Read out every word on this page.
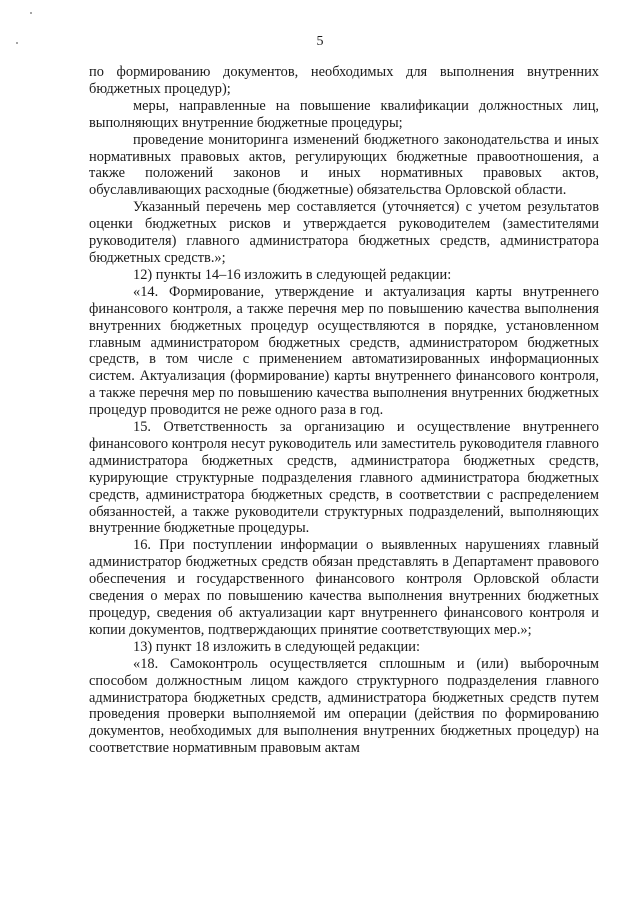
5

по формированию документов, необходимых для выполнения внутренних бюджетных процедур);

меры, направленные на повышение квалификации должностных лиц, выполняющих внутренние бюджетные процедуры;

проведение мониторинга изменений бюджетного законодательства и иных нормативных правовых актов, регулирующих бюджетные правоотношения, а также положений законов и иных нормативных правовых актов, обуславливающих расходные (бюджетные) обязательства Орловской области.

Указанный перечень мер составляется (уточняется) с учетом результатов оценки бюджетных рисков и утверждается руководителем (заместителями руководителя) главного администратора бюджетных средств, администратора бюджетных средств.»;

12) пункты 14–16 изложить в следующей редакции:

«14. Формирование, утверждение и актуализация карты внутреннего финансового контроля, а также перечня мер по повышению качества выполнения внутренних бюджетных процедур осуществляются в порядке, установленном главным администратором бюджетных средств, администратором бюджетных средств, в том числе с применением автоматизированных информационных систем. Актуализация (формирование) карты внутреннего финансового контроля, а также перечня мер по повышению качества выполнения внутренних бюджетных процедур проводится не реже одного раза в год.

15. Ответственность за организацию и осуществление внутреннего финансового контроля несут руководитель или заместитель руководителя главного администратора бюджетных средств, администратора бюджетных средств, курирующие структурные подразделения главного администратора бюджетных средств, администратора бюджетных средств, в соответствии с распределением обязанностей, а также руководители структурных подразделений, выполняющих внутренние бюджетные процедуры.

16. При поступлении информации о выявленных нарушениях главный администратор бюджетных средств обязан представлять в Департамент правового обеспечения и государственного финансового контроля Орловской области сведения о мерах по повышению качества выполнения внутренних бюджетных процедур, сведения об актуализации карт внутреннего финансового контроля и копии документов, подтверждающих принятие соответствующих мер.»;

13) пункт 18 изложить в следующей редакции:

«18. Самоконтроль осуществляется сплошным и (или) выборочным способом должностным лицом каждого структурного подразделения главного администратора бюджетных средств, администратора бюджетных средств путем проведения проверки выполняемой им операции (действия по формированию документов, необходимых для выполнения внутренних бюджетных процедур) на соответствие нормативным правовым актам
